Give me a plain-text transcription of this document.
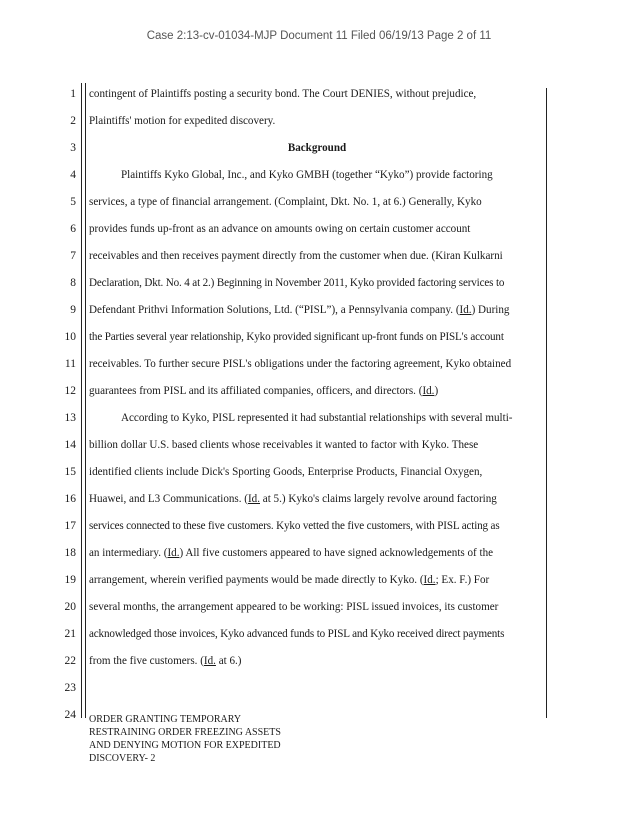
Case 2:13-cv-01034-MJP Document 11 Filed 06/19/13 Page 2 of 11
1
2
3
4
5
6
7
8
9
10
11
12
13
14
15
16
17
18
19
20
21
22
23
24
contingent of Plaintiffs posting a security bond. The Court DENIES, without prejudice,
Plaintiffs' motion for expedited discovery.
Background
Plaintiffs Kyko Global, Inc., and Kyko GMBH (together “Kyko”) provide factoring
services, a type of financial arrangement. (Complaint, Dkt. No. 1, at 6.) Generally, Kyko
provides funds up-front as an advance on amounts owing on certain customer account
receivables and then receives payment directly from the customer when due. (Kiran Kulkarni
Declaration, Dkt. No. 4 at 2.) Beginning in November 2011, Kyko provided factoring services to
Defendant Prithvi Information Solutions, Ltd. (“PISL”), a Pennsylvania company. (Id.) During
the Parties several year relationship, Kyko provided significant up-front funds on PISL's account
receivables. To further secure PISL's obligations under the factoring agreement, Kyko obtained
guarantees from PISL and its affiliated companies, officers, and directors. (Id.)
According to Kyko, PISL represented it had substantial relationships with several multi-
billion dollar U.S. based clients whose receivables it wanted to factor with Kyko. These
identified clients include Dick's Sporting Goods, Enterprise Products, Financial Oxygen,
Huawei, and L3 Communications. (Id. at 5.) Kyko's claims largely revolve around factoring
services connected to these five customers. Kyko vetted the five customers, with PISL acting as
an intermediary. (Id.) All five customers appeared to have signed acknowledgements of the
arrangement, wherein verified payments would be made directly to Kyko. (Id.; Ex. F.) For
several months, the arrangement appeared to be working: PISL issued invoices, its customer
acknowledged those invoices, Kyko advanced funds to PISL and Kyko received direct payments
from the five customers. (Id. at 6.)
ORDER GRANTING TEMPORARY
RESTRAINING ORDER FREEZING ASSETS
AND DENYING MOTION FOR EXPEDITED
DISCOVERY- 2
